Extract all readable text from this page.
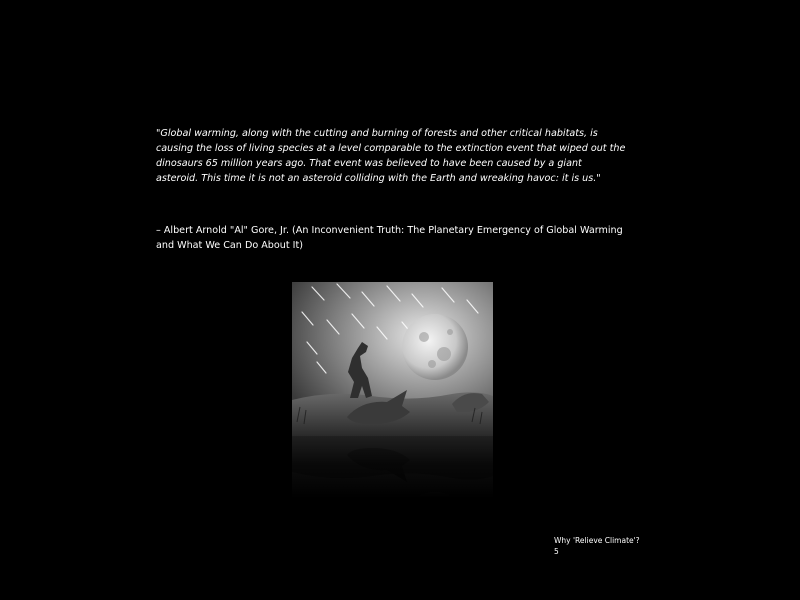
"Global warming, along with the cutting and burning of forests and other critical habitats, is causing the loss of living species at a level comparable to the extinction event that wiped out the dinosaurs 65 million years ago. That event was believed to have been caused by a giant asteroid. This time it is not an asteroid colliding with the Earth and wreaking havoc: it is us."

– Albert Arnold "Al" Gore, Jr. (An Inconvenient Truth: The Planetary Emergency of Global Warming and What We Can Do About It)

Why 'Relieve Climate'?
5
